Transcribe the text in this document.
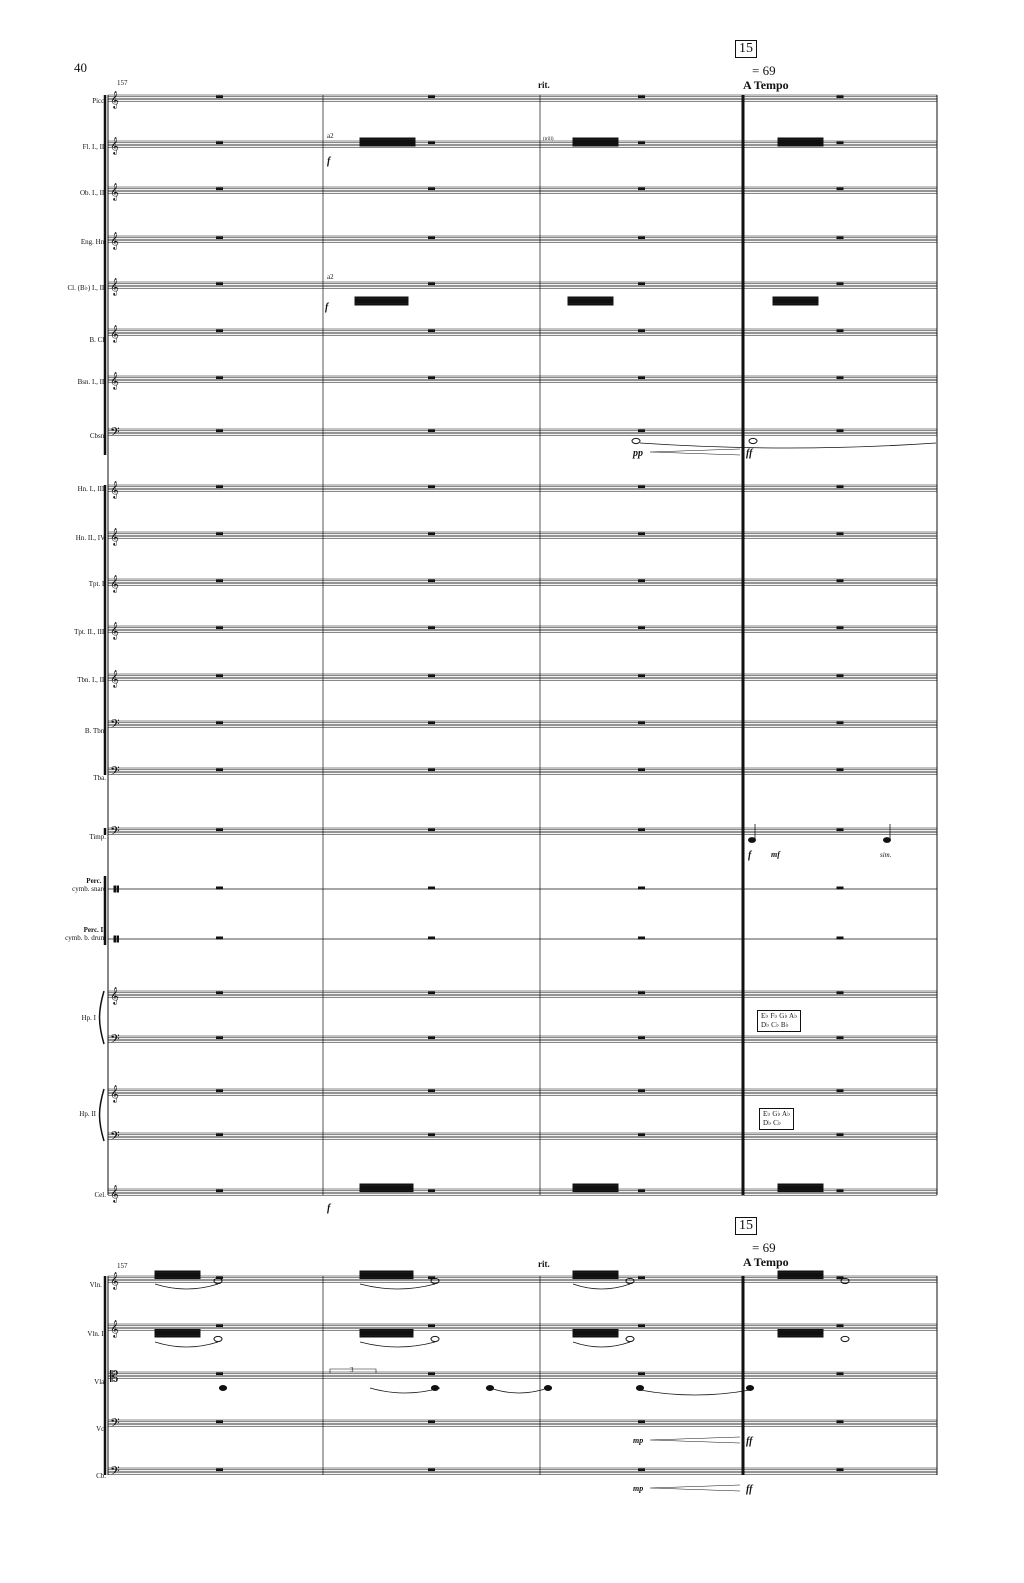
40
157
157
15
= 69
A Tempo
rit.
15
= 69
A Tempo
rit.
Picc.
Fl. I., II.
Ob. I., II.
Eng. Hn.
Cl. (B♭) I., II.
B. Cl.
Bsn. I., II.
Cbsn.
Hn. I., III.
Hn. II., IV.
Tpt. I.
Tpt. II., III.
Tbn. I., II.
B. Tbn.
Tba.
Timp.
Perc. I
cymb. snare
Perc. II
cymb. b. drum
Hp. I
Hp. II
Cel.
Vln. I
Vln. II
Vla.
Vc.
Cb.
a2	(trill)
a2
f
f
pp	ff
f mf	sim.
f
mp	ff
mp	ff
3
E♭ F♭ G♭ A♭
D♭ C♭ B♭
E♭ G♭ A♭
D♭ C♭
𝄞
𝄞
𝄞
𝄞
𝄞
𝄞
𝄞
𝄢
𝄞
𝄞
𝄞
𝄞
𝄞
𝄢
𝄢
𝄢
𝄞
𝄢
𝄞
𝄢
𝄞
𝄞
𝄞
𝄡
𝄢
𝄢
